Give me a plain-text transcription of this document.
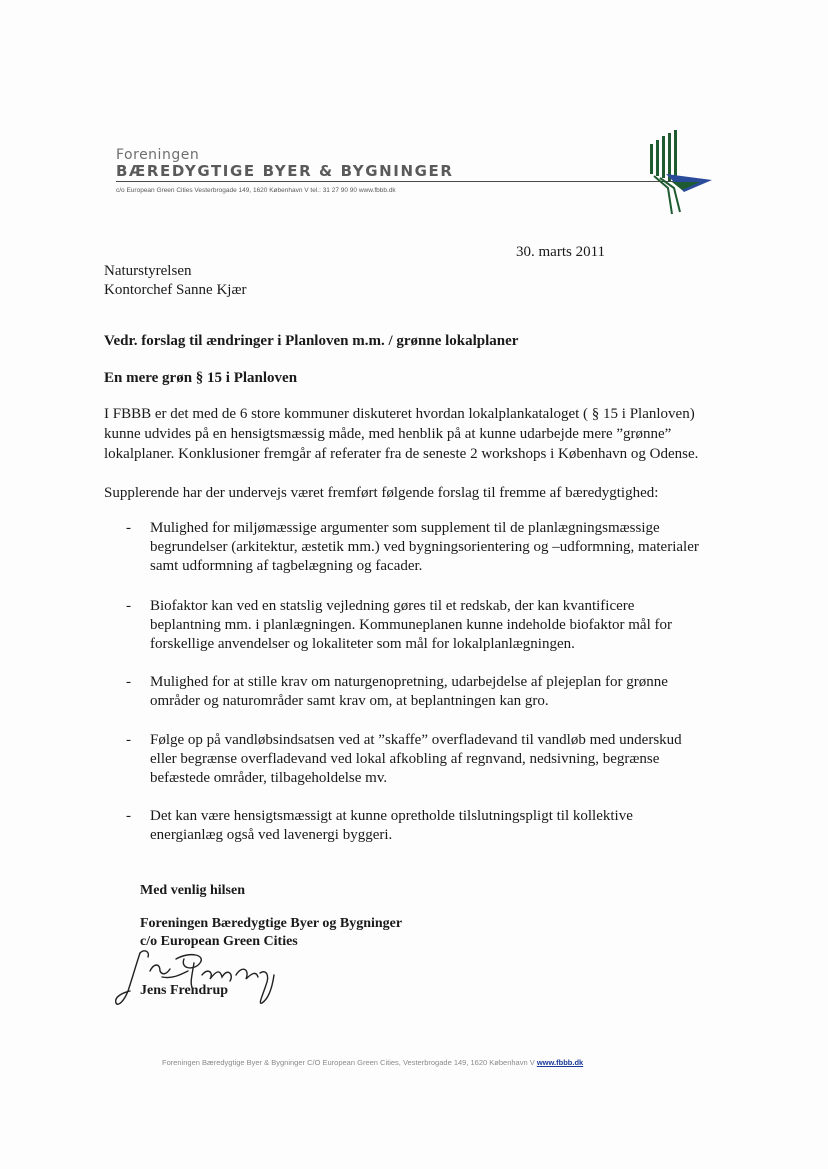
Foreningen
BÆREDYGTIGE BYER & BYGNINGER
c/o European Green Cities Vesterbrogade 149, 1620 København V tel.: 31 27 90 90 www.fbbb.dk
30. marts 2011
Naturstyrelsen
Kontorchef Sanne Kjær
Vedr. forslag til ændringer i Planloven m.m. / grønne lokalplaner
En mere grøn § 15 i Planloven
I FBBB er det med de 6 store kommuner diskuteret hvordan lokalplankataloget ( § 15 i Planloven)
kunne udvides på en hensigtsmæssig måde, med henblik på at kunne udarbejde mere ”grønne”
lokalplaner. Konklusioner fremgår af referater fra de seneste 2 workshops i København og Odense.
Supplerende har der undervejs været fremført følgende forslag til fremme af bæredygtighed:
- Mulighed for miljømæssige argumenter som supplement til de planlægningsmæssige
begrundelser (arkitektur, æstetik mm.) ved bygningsorientering og –udformning, materialer
samt udformning af tagbelægning og facader.
- Biofaktor kan ved en statslig vejledning gøres til et redskab, der kan kvantificere
beplantning mm. i planlægningen. Kommuneplanen kunne indeholde biofaktor mål for
forskellige anvendelser og lokaliteter som mål for lokalplanlægningen.
- Mulighed for at stille krav om naturgenopretning, udarbejdelse af plejeplan for grønne
områder og naturområder samt krav om, at beplantningen kan gro.
- Følge op på vandløbsindsatsen ved at ”skaffe” overfladevand til vandløb med underskud
eller begrænse overfladevand ved lokal afkobling af regnvand, nedsivning, begrænse
befæstede områder, tilbageholdelse mv.
- Det kan være hensigtsmæssigt at kunne opretholde tilslutningspligt til kollektive
energianlæg også ved lavenergi byggeri.
Med venlig hilsen
Foreningen Bæredygtige Byer og Bygninger
c/o European Green Cities
Jens Frendrup
Foreningen Bæredygtige Byer & Bygninger C/O European Green Cities, Vesterbrogade 149, 1620 København V www.fbbb.dk
